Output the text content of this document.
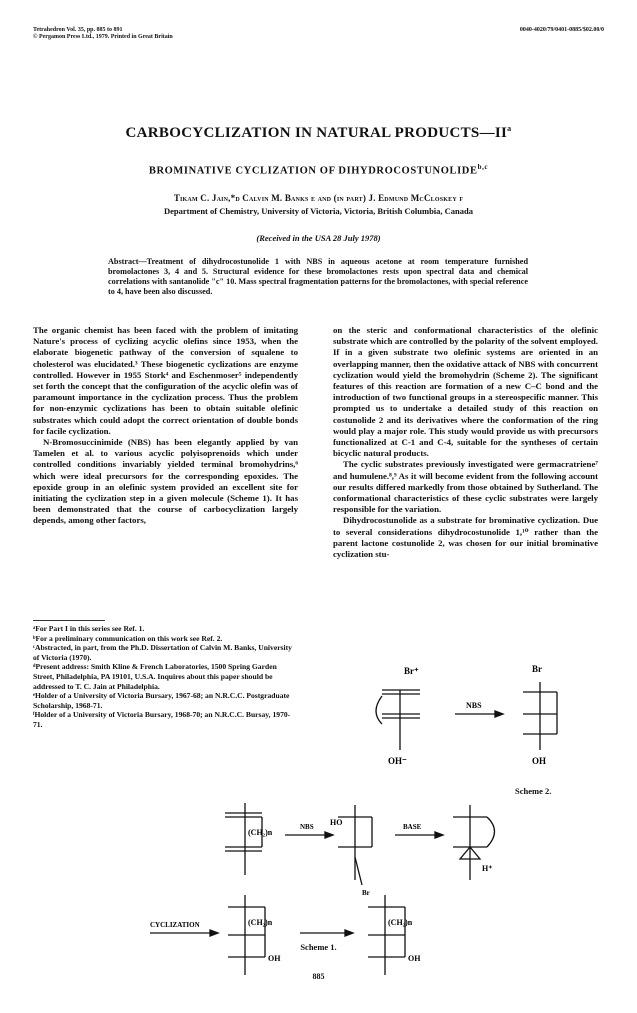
Tetrahedron Vol. 35, pp. 885 to 891
© Pergamon Press Ltd., 1979. Printed in Great Britain
0040-4020/79/0401-0885/$02.00/0
CARBOCYCLIZATION IN NATURAL $PRODUCTS—II^a$
BROMINATIVE CYCLIZATION OF DIHYDROCOSTUNOLIDE$^{b,c}$
Tikam C. Jain,*d Calvin M. Banks e and (in part) J. Edmund McCloskey f
Department of Chemistry, University of Victoria, Victoria, British Columbia, Canada
(Received in the USA 28 July 1978)
Abstract—Treatment of dihydrocostunolide 1 with NBS in aqueous acetone at room temperature furnished bromolactones 3, 4 and 5. Structural evidence for these bromolactones rests upon spectral data and chemical correlations with santanolide "c" 10. Mass spectral fragmentation patterns for the bromolactones, with special reference to 4, have been also discussed.

The organic chemist has been faced with the problem of imitating Nature's process of cyclizing acyclic olefins since 1953, when the elaborate biogenetic pathway of the conversion of squalene to cholesterol was elucidated.³ These biogenetic cyclizations are enzyme controlled. However in 1955 Stork⁴ and Eschenmoser⁵ independently set forth the concept that the configuration of the acyclic olefin was of paramount importance in the cyclization process. Thus the problem for non-enzymic cyclizations has been to obtain suitable olefinic substrates which could adopt the correct orientation of double bonds for facile cyclization.

N-Bromosuccinimide (NBS) has been elegantly applied by van Tamelen et al. to various acyclic polyisoprenoids which under controlled conditions invariably yielded terminal bromohydrins,⁶ which were ideal precursors for the corresponding epoxides. The epoxide group in an olefinic system provided an excellent site for initiating the cyclization step in a given molecule (Scheme 1). It has been demonstrated that the course of carbocyclization largely depends, among other factors,

ᵃFor Part I in this series see Ref. 1.
ᵇFor a preliminary communication on this work see Ref. 2.
ᶜAbstracted, in part, from the Ph.D. Dissertation of Calvin M. Banks, University of Victoria (1970).
ᵈPresent address: Smith Kline & French Laboratories, 1500 Spring Garden Street, Philadelphia, PA 19101, U.S.A. Inquires about this paper should be addressed to T. C. Jain at Philadelphia.
ᵉHolder of a University of Victoria Bursary, 1967-68; an N.R.C.C. Postgraduate Scholarship, 1968-71.
ᶠHolder of a University of Victoria Bursary, 1968-70; an N.R.C.C. Bursay, 1970-71.

on the steric and conformational characteristics of the olefinic substrate which are controlled by the polarity of the solvent employed. If in a given substrate two olefinic systems are oriented in an overlapping manner, then the oxidative attack of NBS with concurrent cyclization would yield the bromohydrin (Scheme 2). The significant features of this reaction are formation of a new C–C bond and the introduction of two functional groups in a stereospecific manner. This prompted us to undertake a detailed study of this reaction on costunolide 2 and its derivatives where the conformation of the ring would play a major role. This study would provide us with precursors functionalized at C-1 and C-4, suitable for the syntheses of certain bicyclic natural products.

The cyclic substrates previously investigated were germacratriene⁷ and humulene.⁸,⁹ As it will become evident from the following account our results differed markedly from those obtained by Sutherland. The conformational characteristics of these cyclic substrates were largely responsible for the variation.

Dihydrocostunolide as a substrate for brominative cyclization. Due to several considerations dihydrocostunolide 1,¹⁰ rather than the parent lactone costunolide 2, was chosen for our initial brominative cyclization stu-

Br⁺	Br
NBS
OH⁻	OH
Scheme 2.
NBS	BASE
CYCLIZATION
HO
Br
(CH₂)n
(CH₂)n	(CH₂)n
H⁺
OH	OH
Scheme 1.
885
